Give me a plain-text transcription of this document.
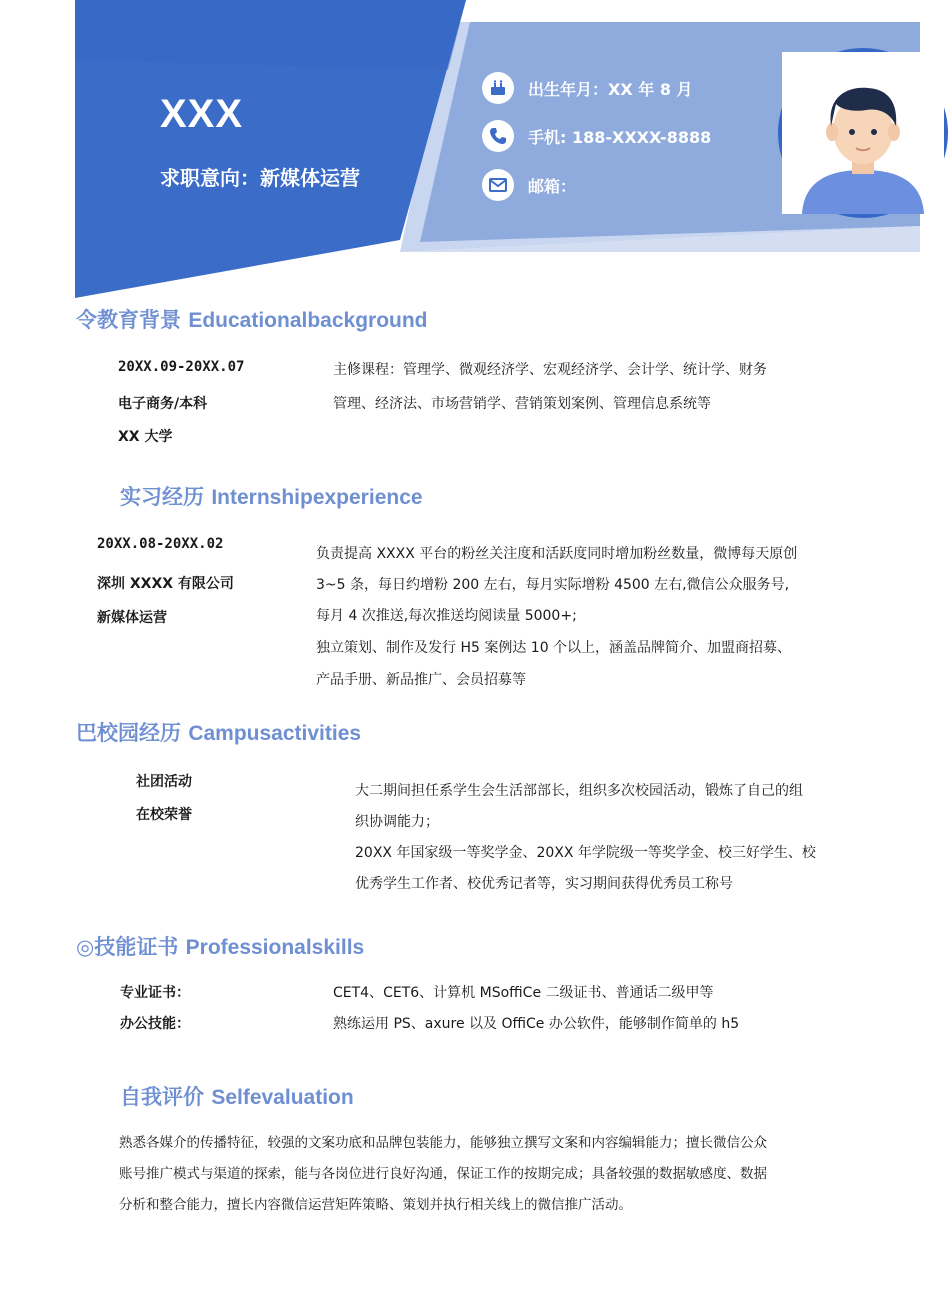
XXX
求职意向：新媒体运营
出生年月：XX 年 8 月
手机: 188-XXXX-8888
邮箱：
令教育背景 Educationalbackground
20XX.09-20XX.07
电子商务/本科
XX 大学
主修课程：管理学、微观经济学、宏观经济学、会计学、统计学、财务
管理、经济法、市场营销学、营销策划案例、管理信息系统等
实习经历 Internshipexperience
20XX.08-20XX.02
深圳 XXXX 有限公司
新媒体运营
负责提高 XXXX 平台的粉丝关注度和活跃度同时增加粉丝数量，微博每天原创
3~5 条，每日约增粉 200 左右，每月实际增粉 4500 左右,微信公众服务号,
每月 4 次推送,每次推送均阅读量 5000+;
独立策划、制作及发行 H5 案例达 10 个以上，涵盖品牌简介、加盟商招募、
产品手册、新品推广、会员招募等
巴校园经历 Campusactivities
社团活动
在校荣誉
大二期间担任系学生会生活部部长，组织多次校园活动，锻炼了自己的组
织协调能力；
20XX 年国家级一等奖学金、20XX 年学院级一等奖学金、校三好学生、校
优秀学生工作者、校优秀记者等，实习期间获得优秀员工称号
◎技能证书 Professionalskills
专业证书：	CET4、CET6、计算机 MSoffiCe 二级证书、普通话二级甲等
办公技能：	熟练运用 PS、axure 以及 OffiCe 办公软件，能够制作简单的 h5
自我评价 Selfevaluation
熟悉各媒介的传播特征，较强的文案功底和品牌包装能力，能够独立撰写文案和内容编辑能力；擅长微信公众
账号推广模式与渠道的探索，能与各岗位进行良好沟通，保证工作的按期完成；具备较强的数据敏感度、数据
分析和整合能力，擅长内容微信运营矩阵策略、策划并执行相关线上的微信推广活动。
